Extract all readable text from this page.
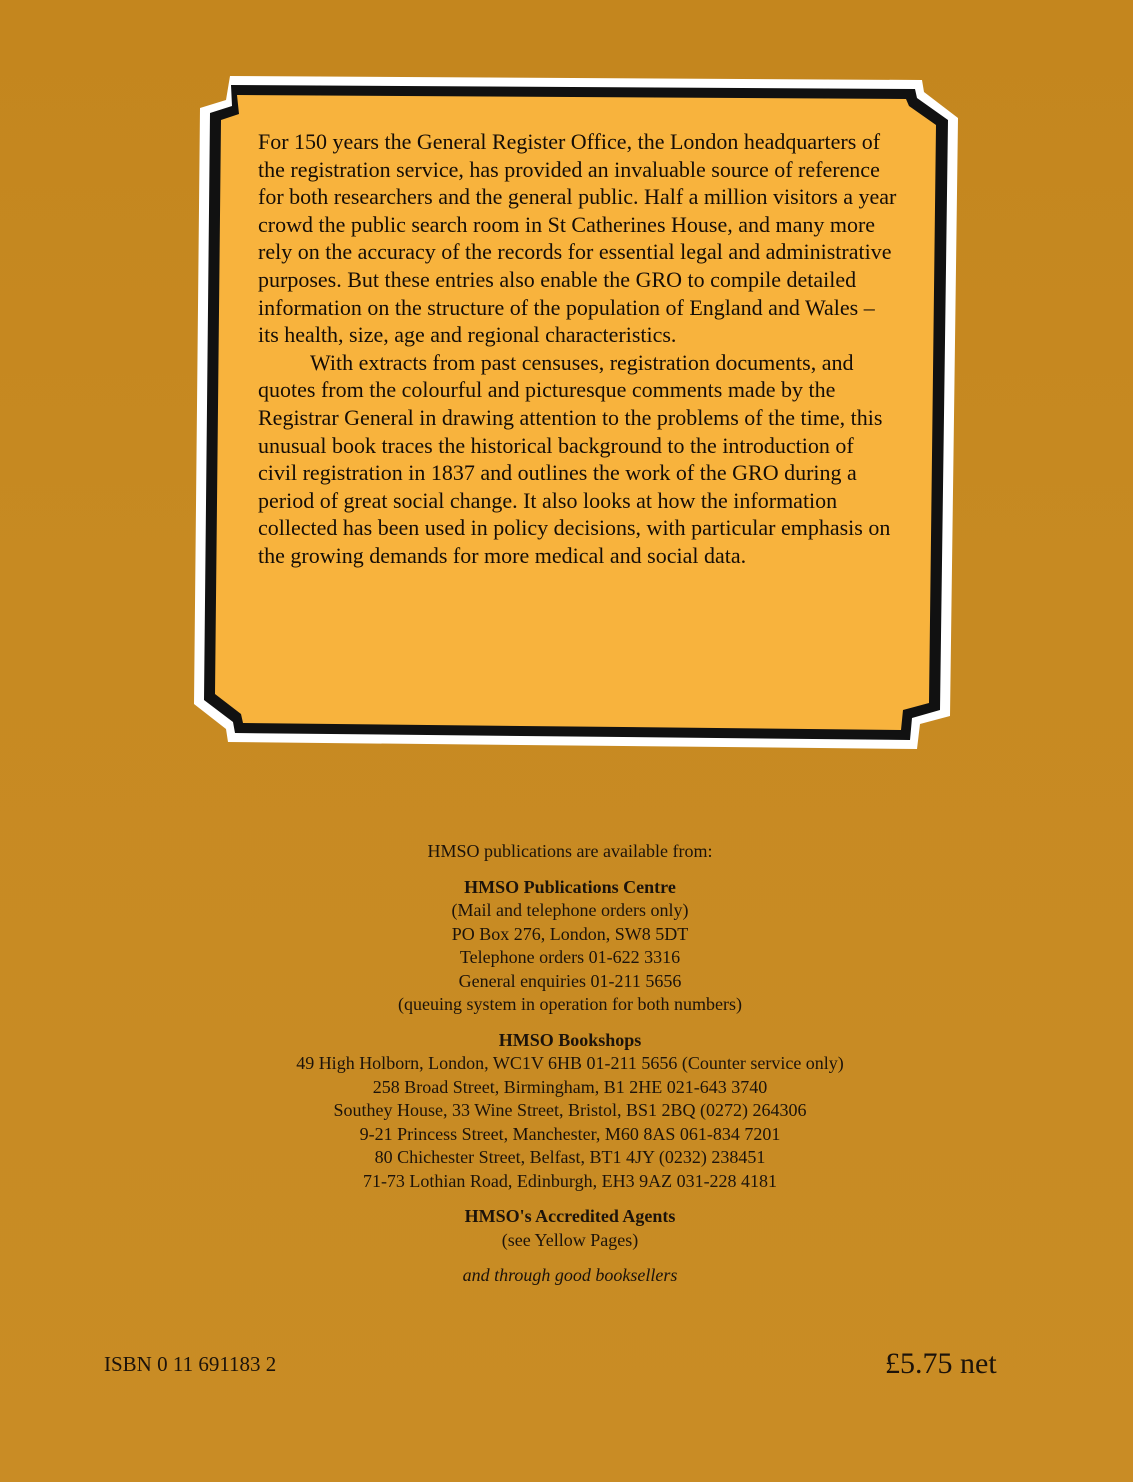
For 150 years the General Register Office, the London headquarters of the registration service, has provided an invaluable source of reference for both researchers and the general public. Half a million visitors a year crowd the public search room in St Catherines House, and many more rely on the accuracy of the records for essential legal and administrative purposes. But these entries also enable the GRO to compile detailed information on the structure of the population of England and Wales – its health, size, age and regional characteristics.

With extracts from past censuses, registration documents, and quotes from the colourful and picturesque comments made by the Registrar General in drawing attention to the problems of the time, this unusual book traces the historical background to the introduction of civil registration in 1837 and outlines the work of the GRO during a period of great social change. It also looks at how the information collected has been used in policy decisions, with particular emphasis on the growing demands for more medical and social data.

HMSO publications are available from:
HMSO Publications Centre
(Mail and telephone orders only)
PO Box 276, London, SW8 5DT
Telephone orders 01-622 3316
General enquiries 01-211 5656
(queuing system in operation for both numbers)
HMSO Bookshops
49 High Holborn, London, WC1V 6HB 01-211 5656 (Counter service only)
258 Broad Street, Birmingham, B1 2HE 021-643 3740
Southey House, 33 Wine Street, Bristol, BS1 2BQ (0272) 264306
9-21 Princess Street, Manchester, M60 8AS 061-834 7201
80 Chichester Street, Belfast, BT1 4JY (0232) 238451
71-73 Lothian Road, Edinburgh, EH3 9AZ 031-228 4181
HMSO's Accredited Agents
(see Yellow Pages)
and through good booksellers
ISBN 0 11 691183 2	£5.75 net
